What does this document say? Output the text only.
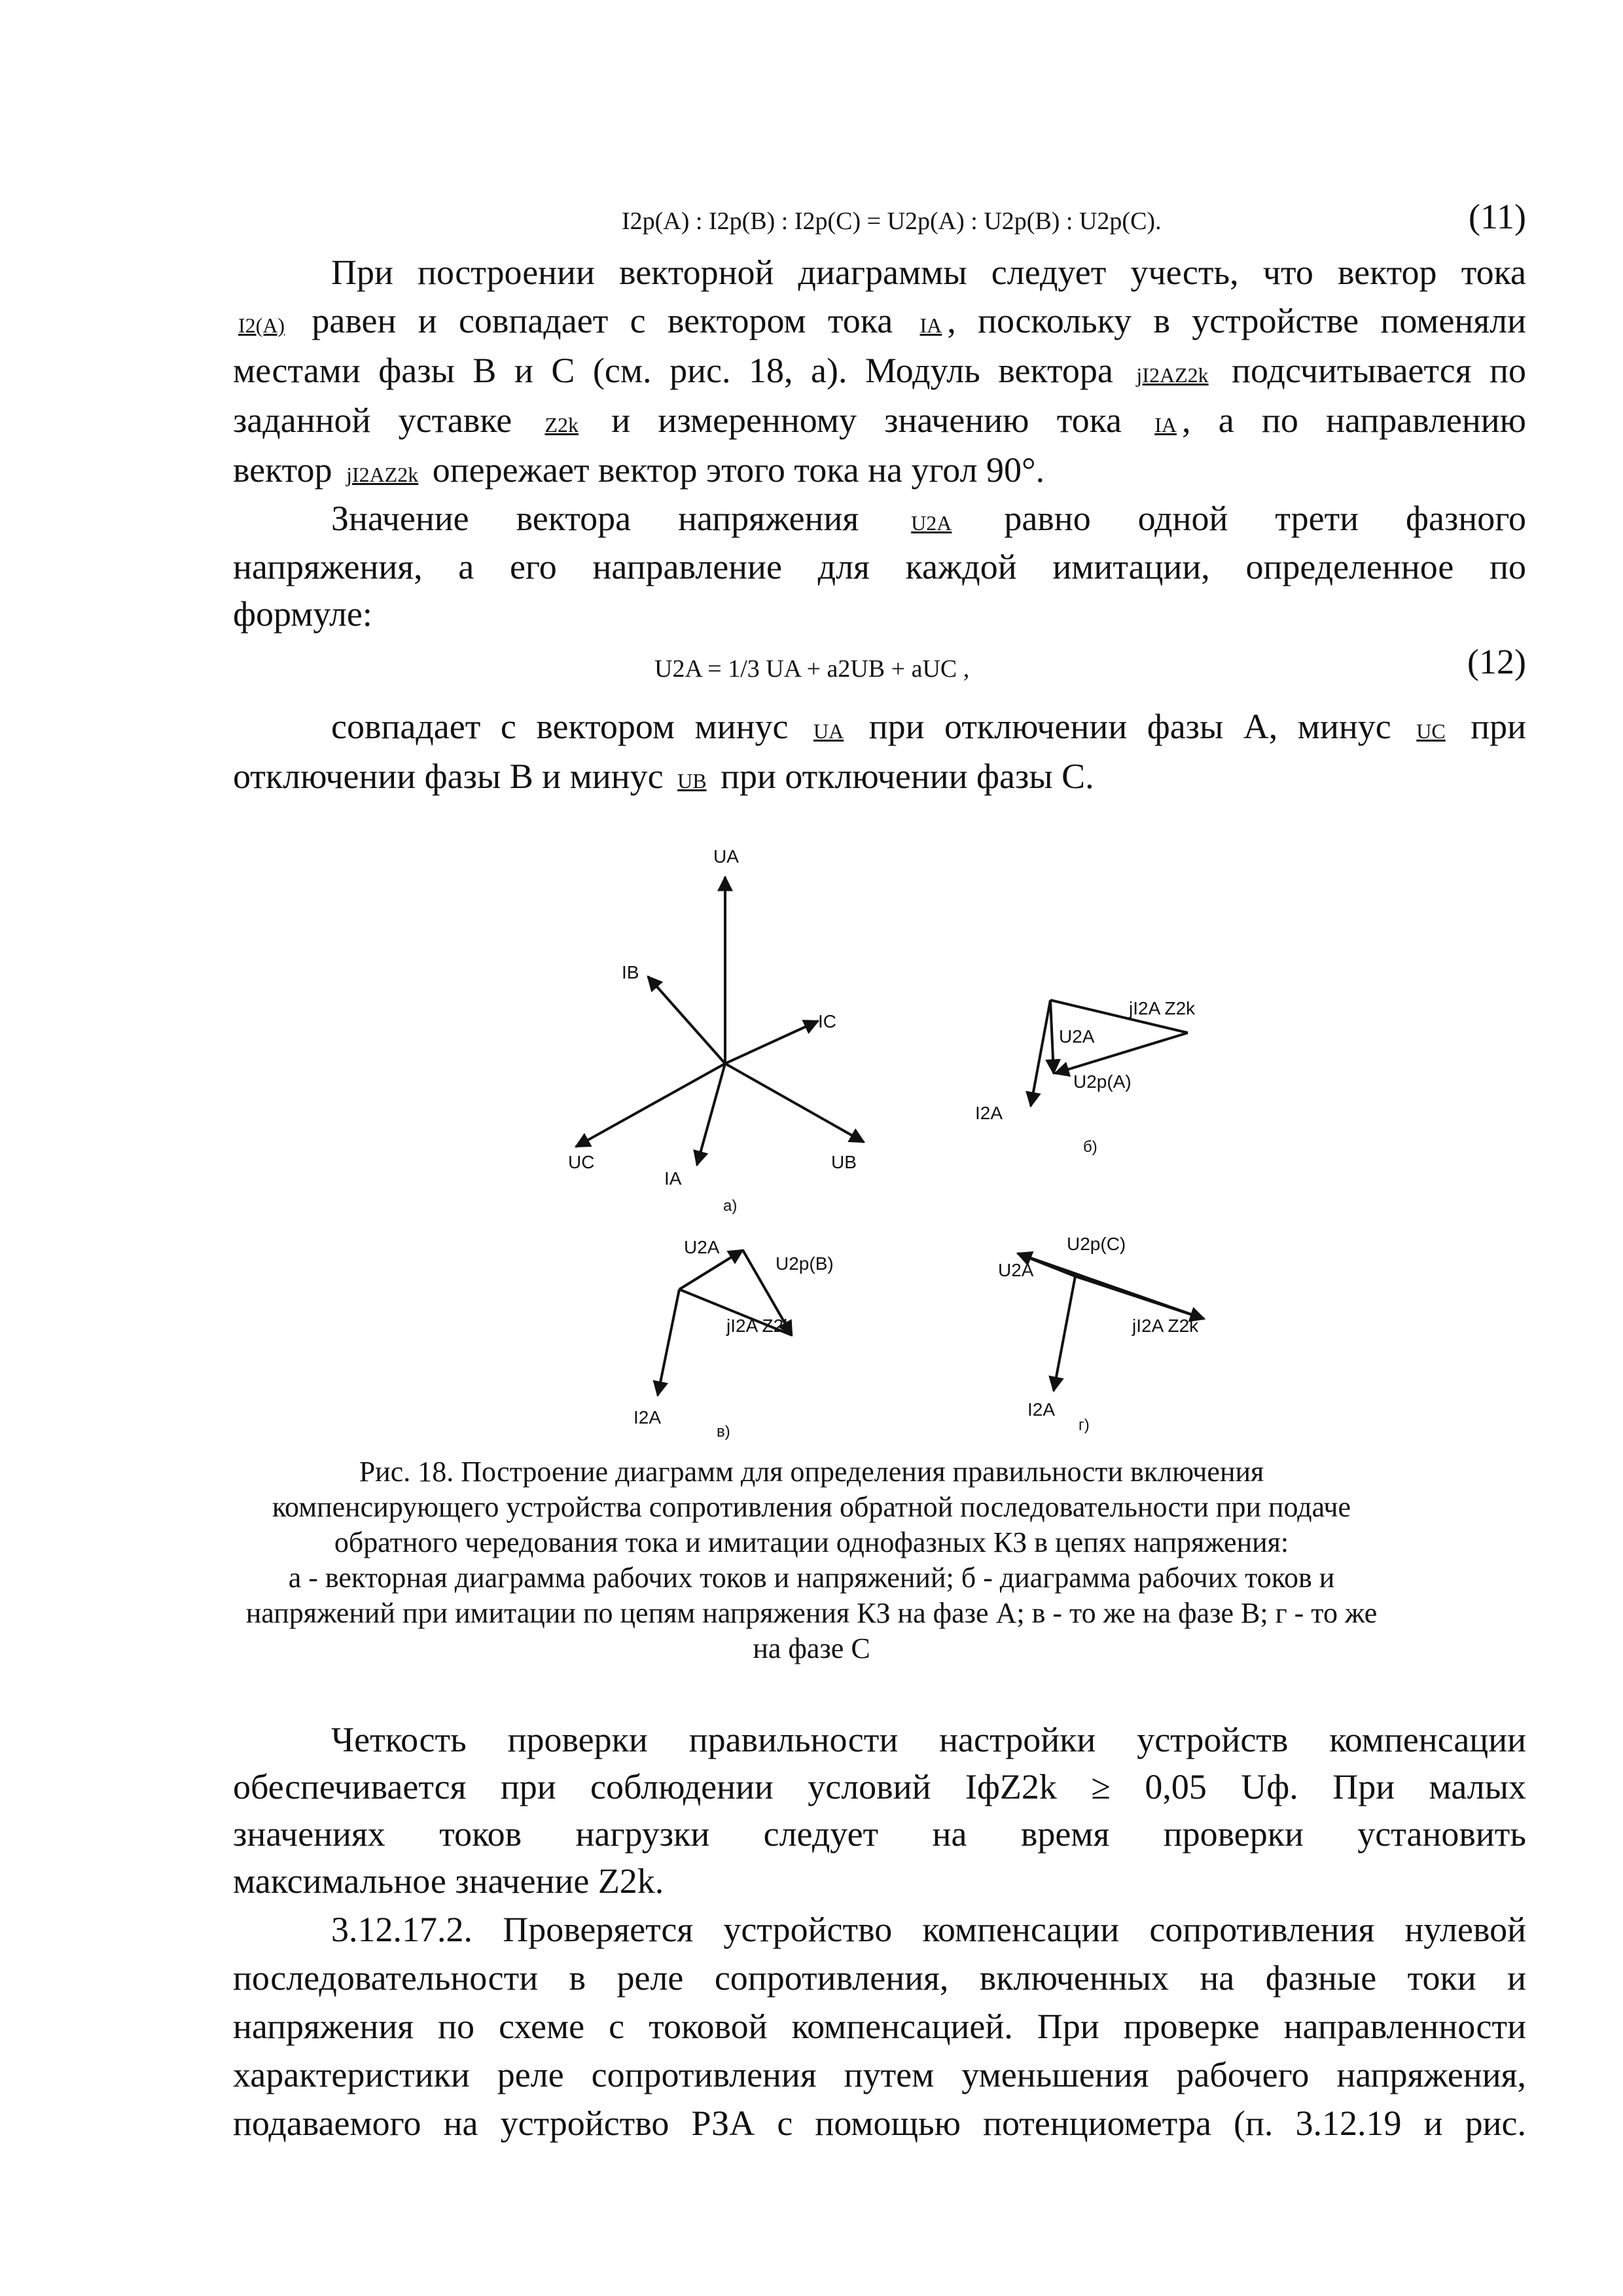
I2p(A) : I2p(B) : I2p(C) = U2p(A) : U2p(B) : U2p(C).	(11)
При построении векторной диаграммы следует учесть, что вектор тока
I2(A) равен и совпадает с вектором тока IA , поскольку в устройстве поменяли
местами фазы В и С (см. рис. 18, а). Модуль вектора jI2AZ2k подсчитывается по
заданной уставке Z2k и измеренному значению тока IA , а по направлению
вектор jI2AZ2k опережает вектор этого тока на угол 90°.
Значение вектора напряжения U2A равно одной трети фазного
напряжения, а его направление для каждой имитации, определенное по
формуле:
U2A = 1/3 UA + a2UB + aUC ,	(12)
совпадает с вектором минус UA при отключении фазы А, минус UC при
отключении фазы В и минус UB при отключении фазы С.
UA
IB
IC
UC
IA
UB
а)
jI2A Z2k
U2A
U2p(A)
I2A
б)
U2A
U2p(B)
jI2A Z2k
I2A
в)
U2p(C)
U2A
jI2A Z2k
I2A
г)
Рис. 18. Построение диаграмм для определения правильности включения
компенсирующего устройства сопротивления обратной последовательности при подаче
обратного чередования тока и имитации однофазных КЗ в цепях напряжения:
а - векторная диаграмма рабочих токов и напряжений; б - диаграмма рабочих токов и
напряжений при имитации по цепям напряжения КЗ на фазе А; в - то же на фазе В; г - то же
на фазе С
Четкость проверки правильности настройки устройств компенсации
обеспечивается при соблюдении условий IфZ2k ≥ 0,05 Uф. При малых
значениях токов нагрузки следует на время проверки установить
максимальное значение Z2k.
3.12.17.2. Проверяется устройство компенсации сопротивления нулевой
последовательности в реле сопротивления, включенных на фазные токи и
напряжения по схеме с токовой компенсацией. При проверке направленности
характеристики реле сопротивления путем уменьшения рабочего напряжения,
подаваемого на устройство РЗА с помощью потенциометра (п. 3.12.19 и рис.
